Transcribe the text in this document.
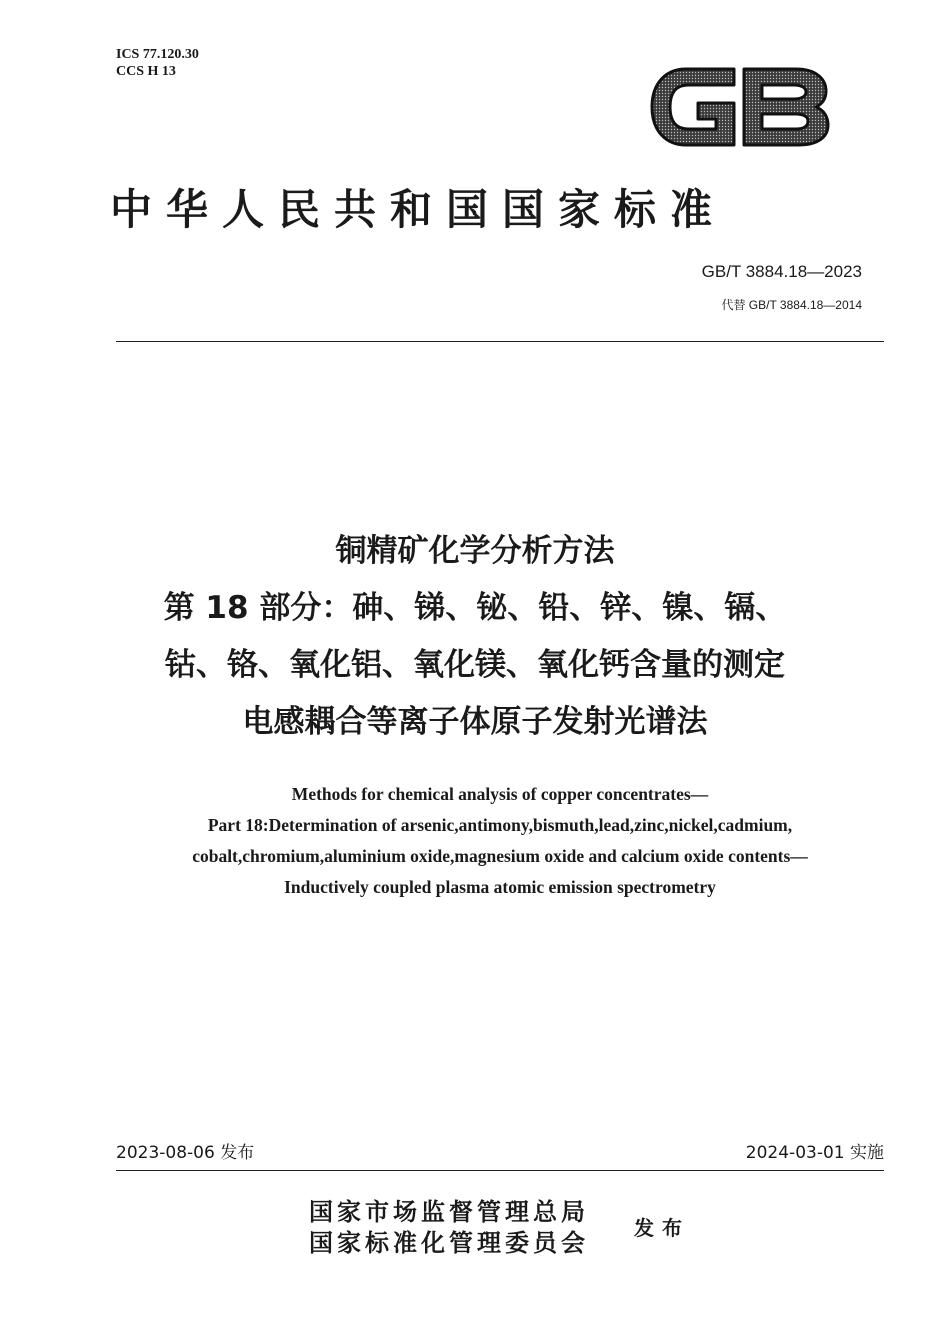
ICS 77.120.30
CCS H 13
中华人民共和国国家标准
GB/T 3884.18—2023
代替 GB/T 3884.18—2014
铜精矿化学分析方法
第 18 部分：砷、锑、铋、铅、锌、镍、镉、
钴、铬、氧化铝、氧化镁、氧化钙含量的测定
电感耦合等离子体原子发射光谱法
Methods for chemical analysis of copper concentrates—
Part 18:Determination of arsenic,antimony,bismuth,lead,zinc,nickel,cadmium,
cobalt,chromium,aluminium oxide,magnesium oxide and calcium oxide contents—
Inductively coupled plasma atomic emission spectrometry
2023-08-06 发布	2024-03-01 实施
国家市场监督管理总局
国家标准化管理委员会 发布
